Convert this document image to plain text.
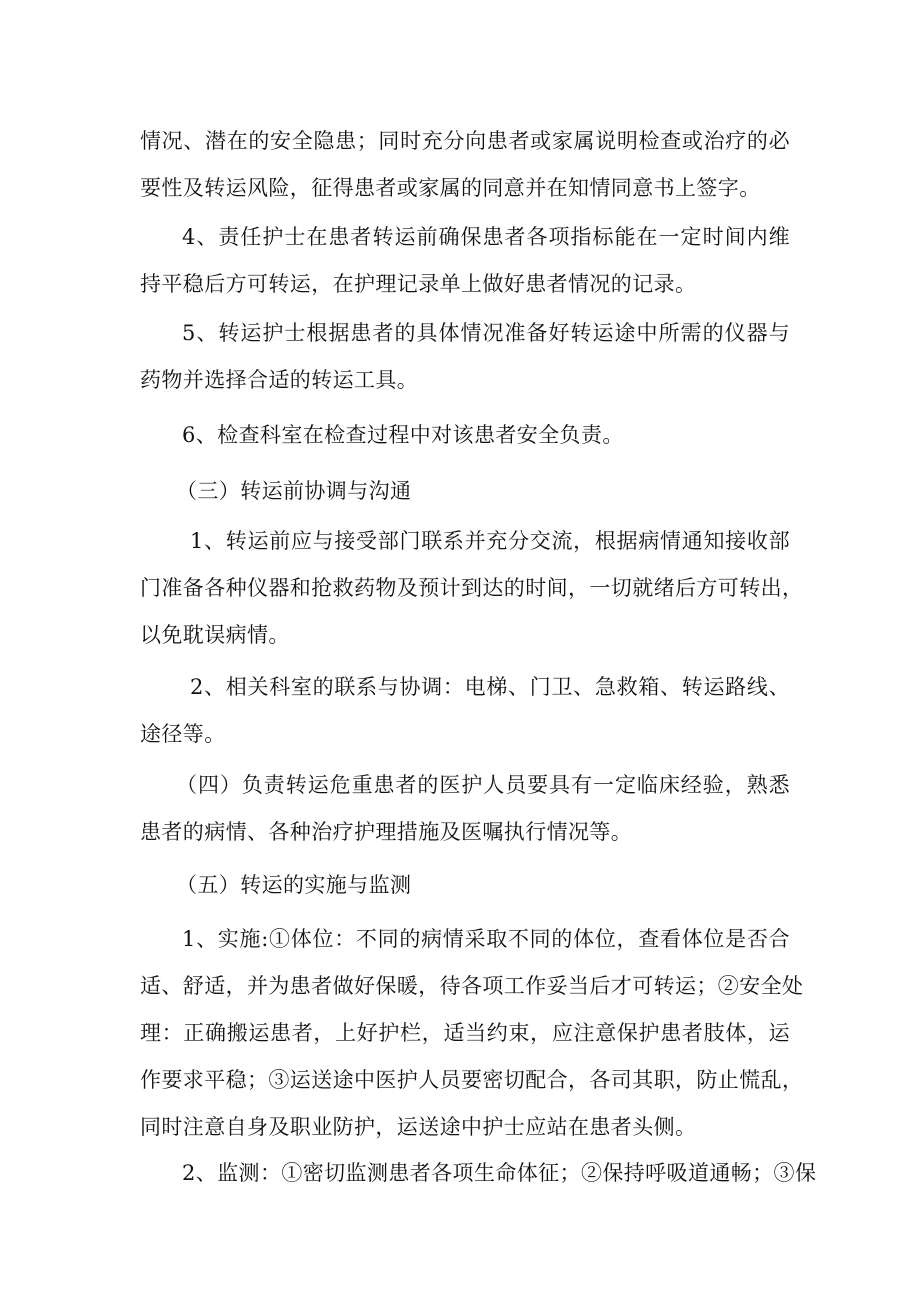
情况、潜在的安全隐患；同时充分向患者或家属说明检查或治疗的必
要性及转运风险，征得患者或家属的同意并在知情同意书上签字。

4、责任护士在患者转运前确保患者各项指标能在一定时间内维
持平稳后方可转运，在护理记录单上做好患者情况的记录。

5、转运护士根据患者的具体情况准备好转运途中所需的仪器与
药物并选择合适的转运工具。

6、检查科室在检查过程中对该患者安全负责。

（三）转运前协调与沟通

1、转运前应与接受部门联系并充分交流，根据病情通知接收部
门准备各种仪器和抢救药物及预计到达的时间，一切就绪后方可转出，
以免耽误病情。

2、相关科室的联系与协调：电梯、门卫、急救箱、转运路线、
途径等。

（四）负责转运危重患者的医护人员要具有一定临床经验，熟悉
患者的病情、各种治疗护理措施及医嘱执行情况等。

（五）转运的实施与监测

1、实施:①体位：不同的病情采取不同的体位，查看体位是否合
适、舒适，并为患者做好保暖，待各项工作妥当后才可转运；②安全处
理：正确搬运患者，上好护栏，适当约束，应注意保护患者肢体，运
作要求平稳；③运送途中医护人员要密切配合，各司其职，防止慌乱，
同时注意自身及职业防护，运送途中护士应站在患者头侧。

2、监测：①密切监测患者各项生命体征；②保持呼吸道通畅；③保
